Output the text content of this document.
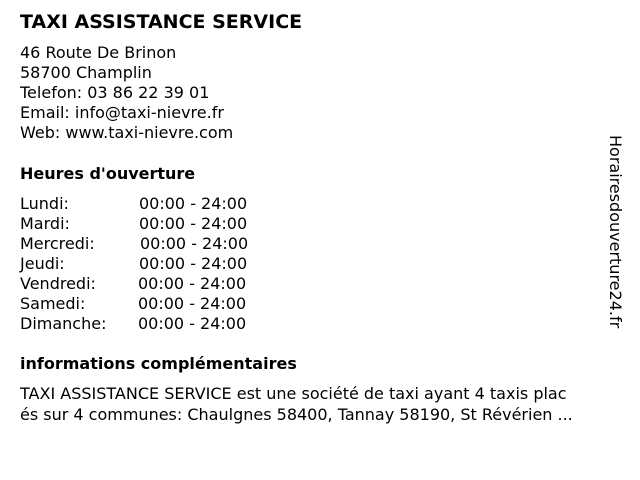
TAXI ASSISTANCE SERVICE
46 Route De Brinon
58700 Champlin
Telefon: 03 86 22 39 01
Email: info@taxi-nievre.fr
Web: www.taxi-nievre.com
Heures d'ouverture
Lundi:	00:00 - 24:00
Mardi:	00:00 - 24:00
Mercredi:	00:00 - 24:00
Jeudi:	00:00 - 24:00
Vendredi:	00:00 - 24:00
Samedi:	00:00 - 24:00
Dimanche: 00:00 - 24:00
informations complémentaires
TAXI ASSISTANCE SERVICE est une société de taxi ayant 4 taxis plac
és sur 4 communes: Chaulgnes 58400, Tannay 58190, St Révérien ...
Horairesdouverture24.fr
